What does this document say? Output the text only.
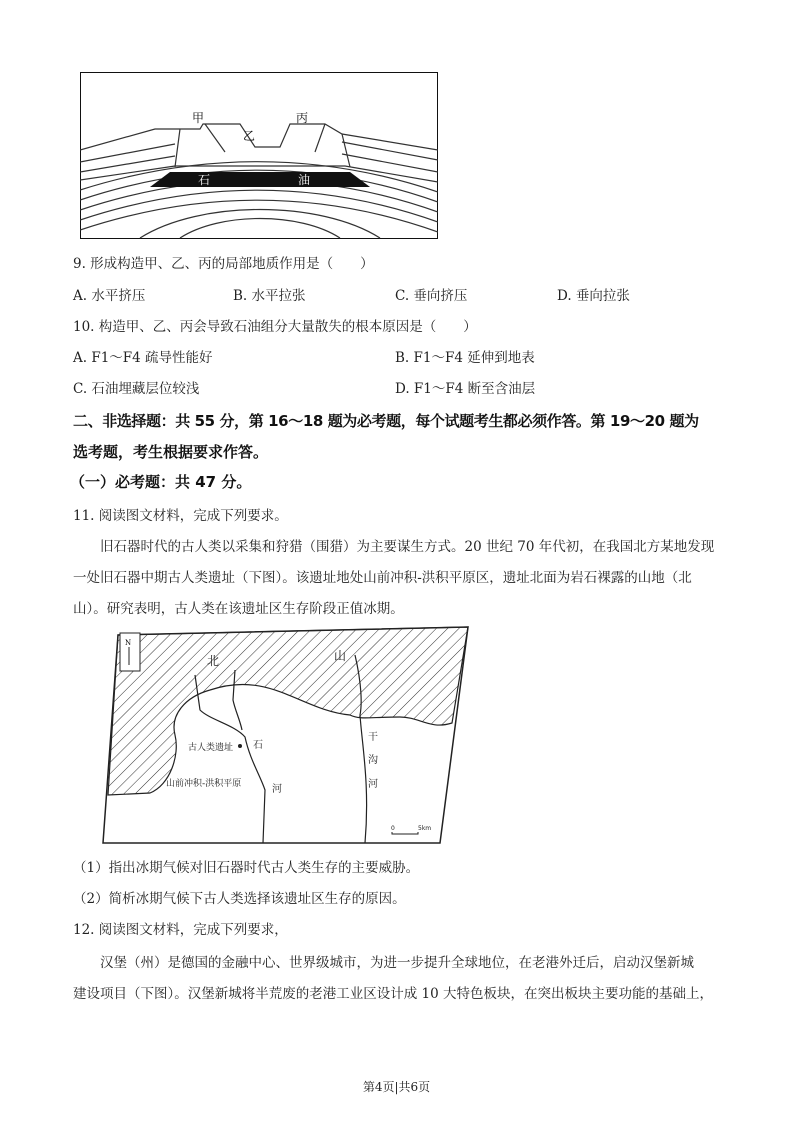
甲
乙
丙
石	油
9. 形成构造甲、乙、丙的局部地质作用是（　　）
A. 水平挤压	B. 水平拉张	C. 垂向挤压	D. 垂向拉张
10. 构造甲、乙、丙会导致石油组分大量散失的根本原因是（　　）
A. F1～F4 疏导性能好	B. F1～F4 延伸到地表
C. 石油埋藏层位较浅	D. F1～F4 断至含油层
二、非选择题：共 55 分，第 16～18 题为必考题，每个试题考生都必须作答。第 19～20 题为
选考题，考生根据要求作答。
（一）必考题：共 47 分。
11. 阅读图文材料，完成下列要求。
旧石器时代的古人类以采集和狩猎（围猎）为主要谋生方式。20 世纪 70 年代初，在我国北方某地发现
一处旧石器中期古人类遗址（下图）。该遗址地处山前冲积-洪积平原区，遗址北面为岩石裸露的山地（北
山）。研究表明，古人类在该遗址区生存阶段正值冰期。
N
北	山
古人类遗址 石
河
山前冲积-洪积平原
干
沟
河
0	5km
（1）指出冰期气候对旧石器时代古人类生存的主要威胁。
（2）简析冰期气候下古人类选择该遗址区生存的原因。
12. 阅读图文材料，完成下列要求，
汉堡（州）是德国的金融中心、世界级城市，为进一步提升全球地位，在老港外迁后，启动汉堡新城
建设项目（下图）。汉堡新城将半荒废的老港工业区设计成 10 大特色板块，在突出板块主要功能的基础上，
第4页|共6页
